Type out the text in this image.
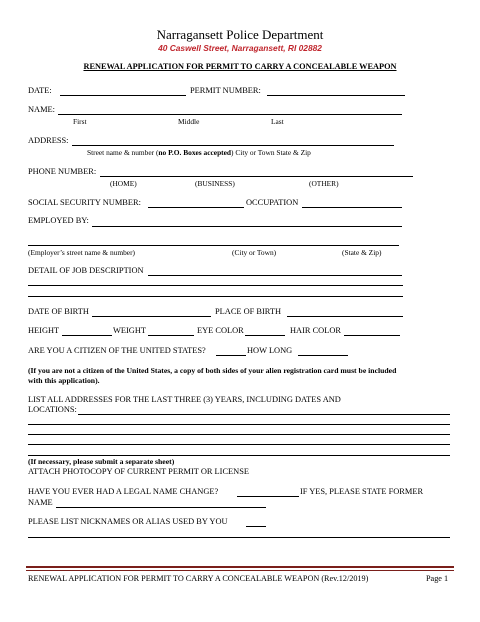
Narragansett Police Department
40 Caswell Street, Narragansett, RI 02882
RENEWAL APPLICATION FOR PERMIT TO CARRY A CONCEALABLE WEAPON
DATE:	PERMIT NUMBER:
NAME:
First	Middle	Last
ADDRESS:
Street name & number (no P.O. Boxes accepted) City or Town State & Zip
PHONE NUMBER:
(HOME)	(BUSINESS)	(OTHER)
SOCIAL SECURITY NUMBER:	OCCUPATION
EMPLOYED BY:
(Employer’s street name & number)	(City or Town)	(State & Zip)
DETAIL OF JOB DESCRIPTION
DATE OF BIRTH	PLACE OF BIRTH
HEIGHT	WEIGHT	EYE COLOR	HAIR COLOR
ARE YOU A CITIZEN OF THE UNITED STATES?	HOW LONG
(If you are not a citizen of the United States, a copy of both sides of your alien registration card must be included
with this application).
LIST ALL ADDRESSES FOR THE LAST THREE (3) YEARS, INCLUDING DATES AND
LOCATIONS:
(If necessary, please submit a separate sheet)
ATTACH PHOTOCOPY OF CURRENT PERMIT OR LICENSE
HAVE YOU EVER HAD A LEGAL NAME CHANGE?	IF YES, PLEASE STATE FORMER
NAME
PLEASE LIST NICKNAMES OR ALIAS USED BY YOU
RENEWAL APPLICATION FOR PERMIT TO CARRY A CONCEALABLE WEAPON (Rev.12/2019)	Page 1
